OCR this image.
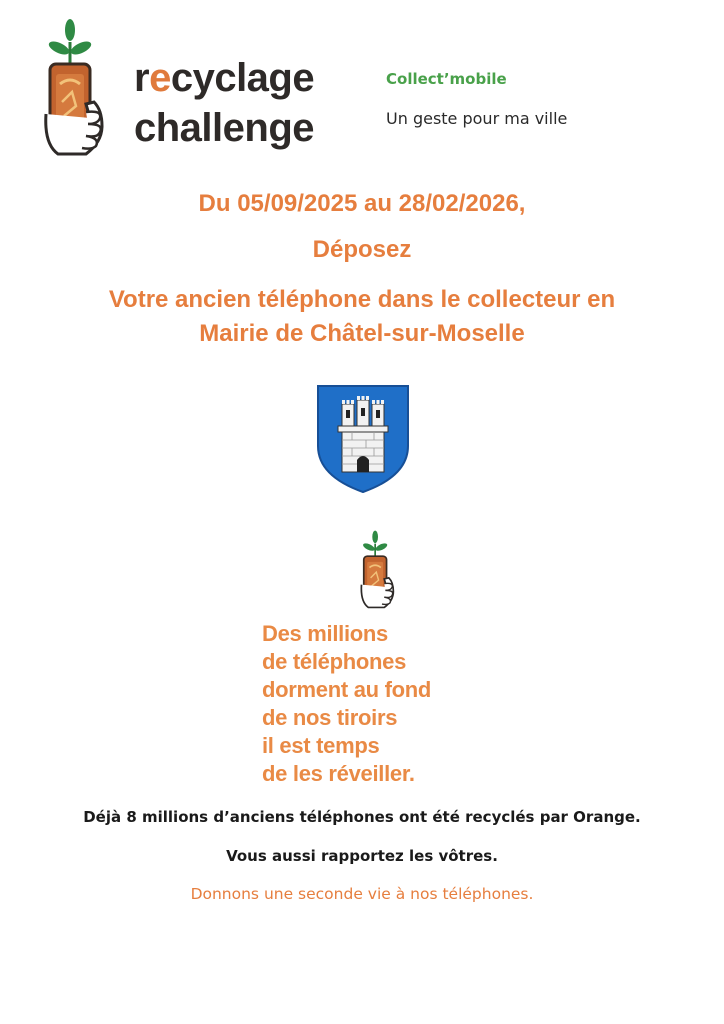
recyclage
challenge
Collect’mobile
Un geste pour ma ville
Du 05/09/2025 au 28/02/2026,
Déposez
Votre ancien téléphone dans le collecteur en
Mairie de Châtel-sur-Moselle
Des millions
de téléphones
dorment au fond
de nos tiroirs
il est temps
de les réveiller.
Déjà 8 millions d’anciens téléphones ont été recyclés par Orange.
Vous aussi rapportez les vôtres.
Donnons une seconde vie à nos téléphones.
